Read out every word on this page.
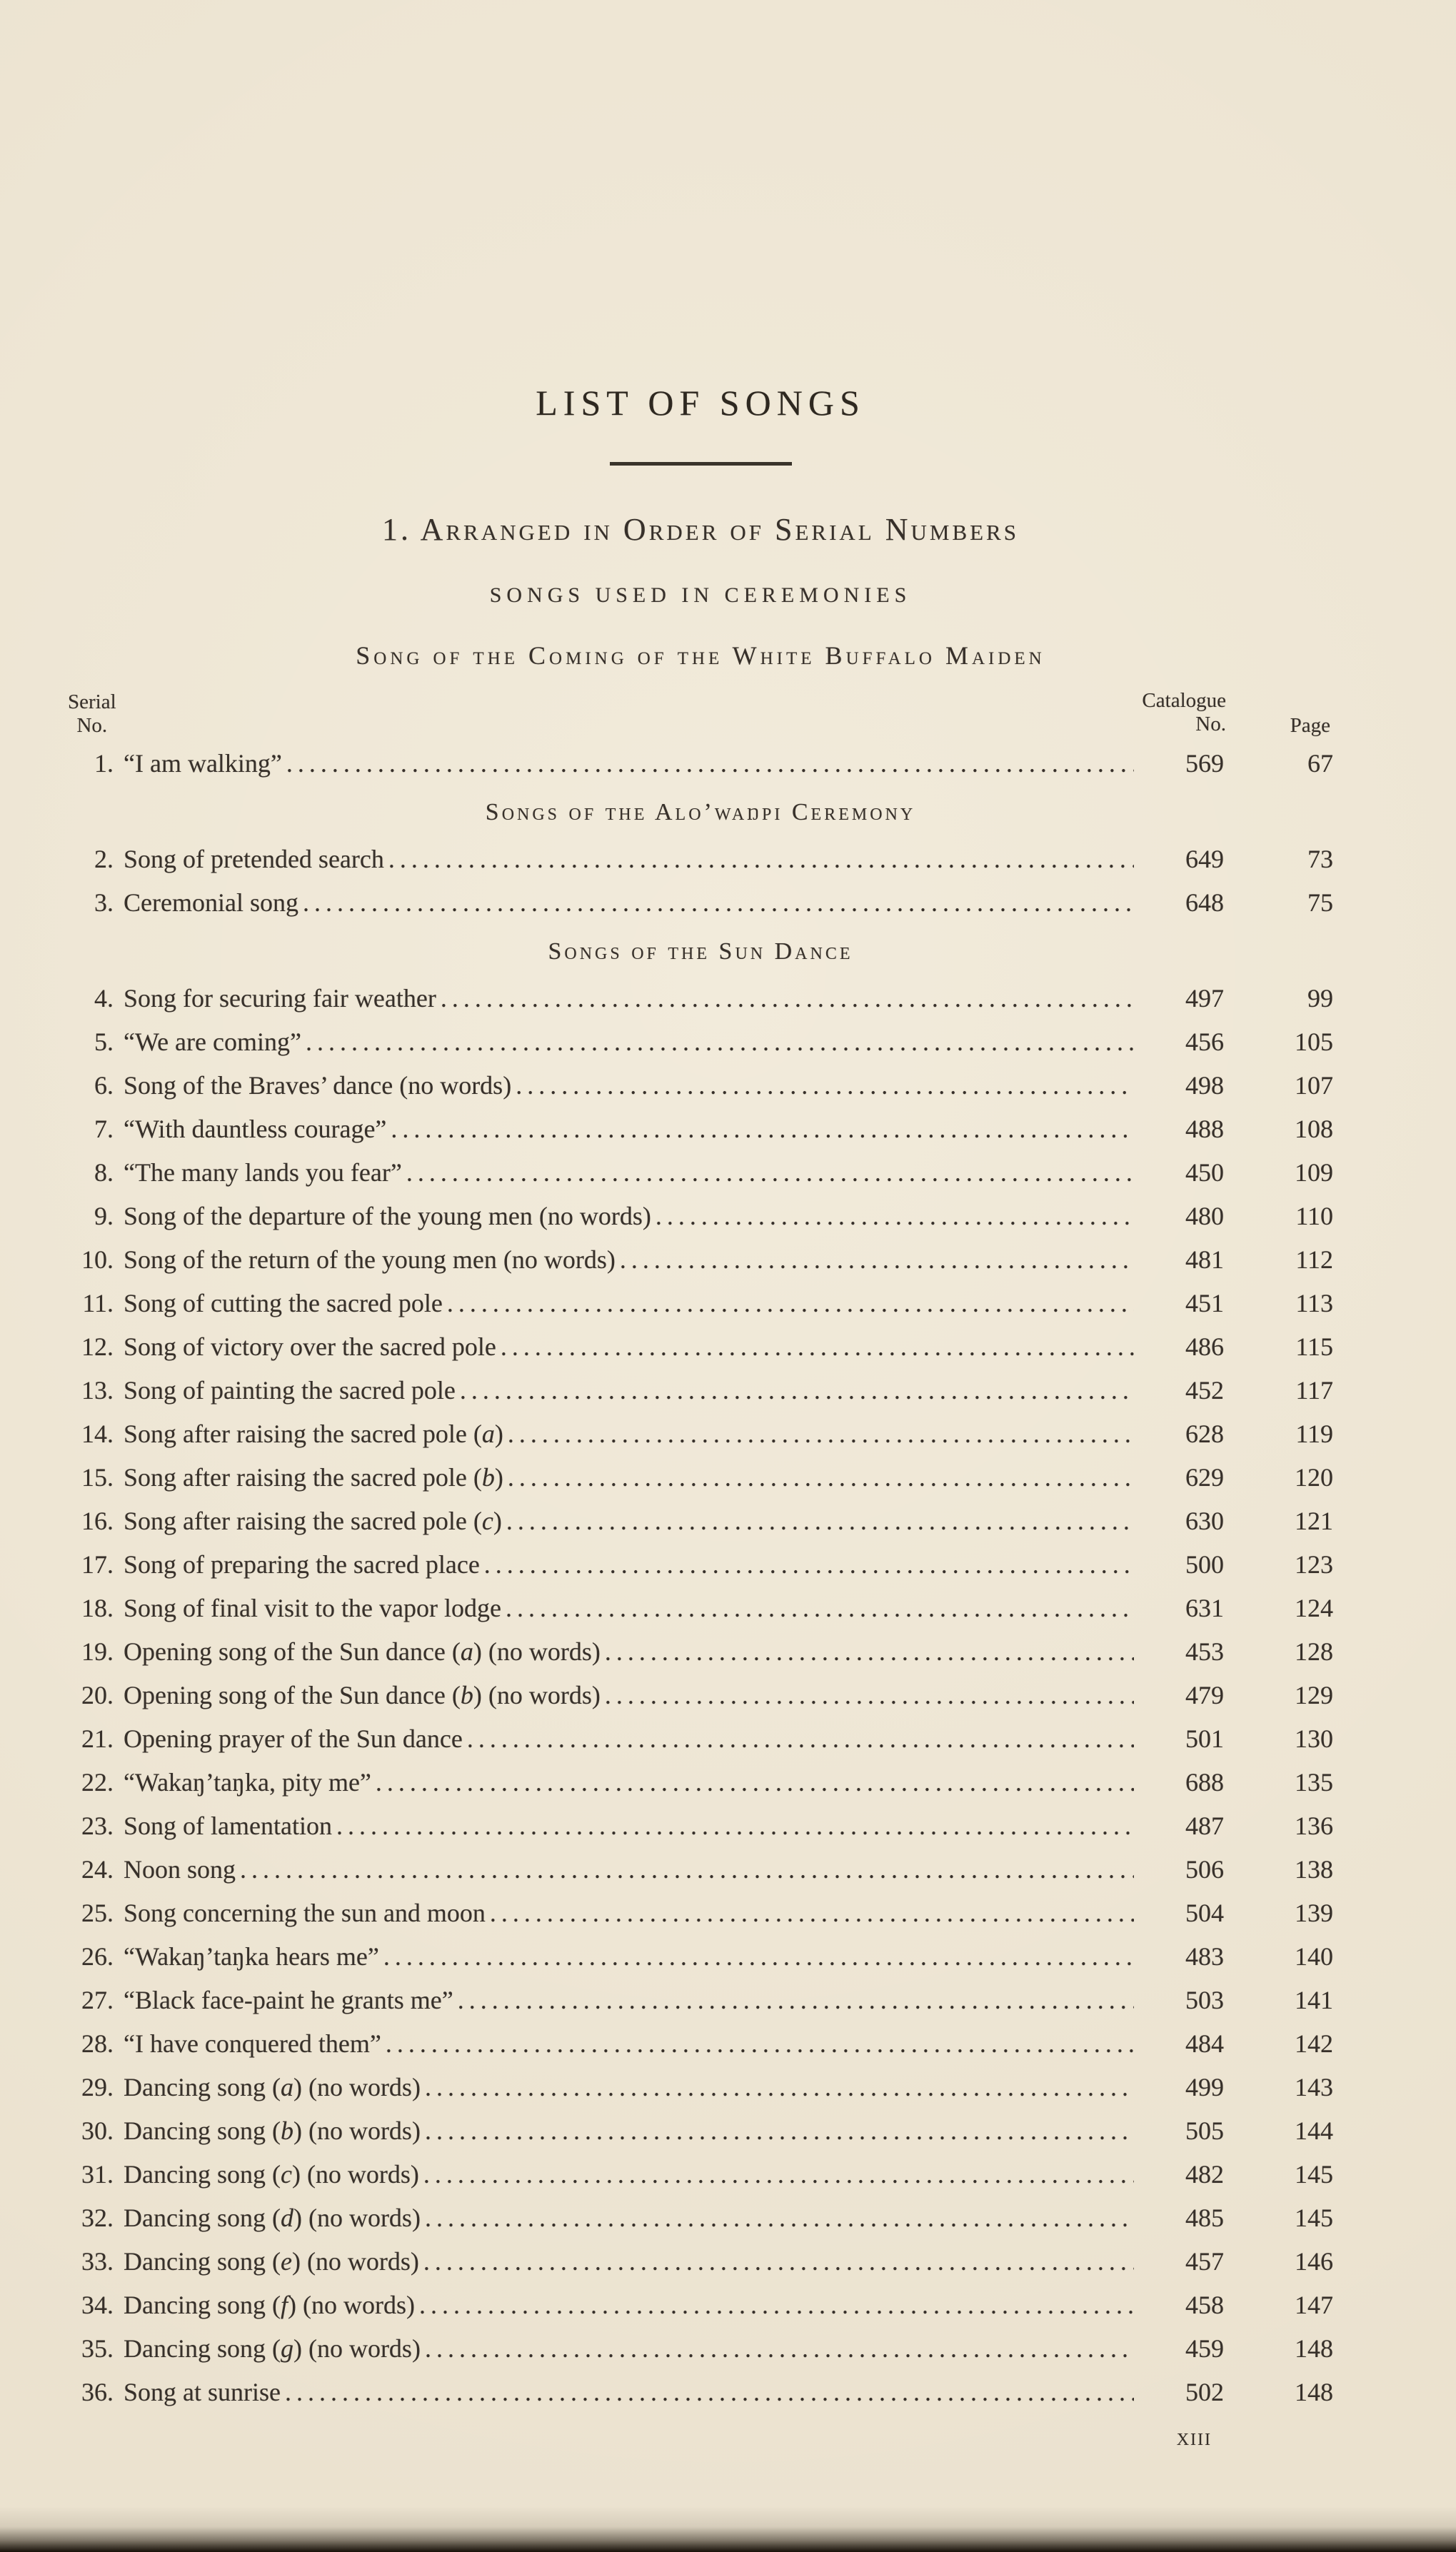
LIST OF SONGS
1. Arranged in Order of Serial Numbers
SONGS USED IN CEREMONIES
Song of the Coming of the White Buffalo Maiden
Serial
No.
Catalogue
No.	Page
1. “I am walking” .....	569	67
Songs of the Alo’waŋpi Ceremony
2. Song of pretended search .....	649	73
3. Ceremonial song .....	648	75
Songs of the Sun Dance
4. Song for securing fair weather .....	497	99
5. “We are coming” .....	456	105
6. Song of the Braves’ dance (no words) .....	498	107
7. “With dauntless courage” .....	488	108
8. “The many lands you fear” .....	450	109
9. Song of the departure of the young men (no words) .....	480	110
10. Song of the return of the young men (no words) .....	481	112
11. Song of cutting the sacred pole .....	451	113
12. Song of victory over the sacred pole .....	486	115
13. Song of painting the sacred pole .....	452	117
14. Song after raising the sacred pole (a) .....	628	119
15. Song after raising the sacred pole (b) .....	629	120
16. Song after raising the sacred pole (c) .....	630	121
17. Song of preparing the sacred place .....	500	123
18. Song of final visit to the vapor lodge .....	631	124
19. Opening song of the Sun dance (a) (no words) .....	453	128
20. Opening song of the Sun dance (b) (no words) .....	479	129
21. Opening prayer of the Sun dance .....	501	130
22. “Wakaŋ’taŋka, pity me” .....	688	135
23. Song of lamentation .....	487	136
24. Noon song .....	506	138
25. Song concerning the sun and moon .....	504	139
26. “Wakaŋ’taŋka hears me” .....	483	140
27. “Black face-paint he grants me” .....	503	141
28. “I have conquered them” .....	484	142
29. Dancing song (a) (no words) .....	499	143
30. Dancing song (b) (no words) .....	505	144
31. Dancing song (c) (no words) .....	482	145
32. Dancing song (d) (no words) .....	485	145
33. Dancing song (e) (no words) .....	457	146
34. Dancing song (f) (no words) .....	458	147
35. Dancing song (g) (no words) .....	459	148
36. Song at sunrise .....	502	148
xiii
